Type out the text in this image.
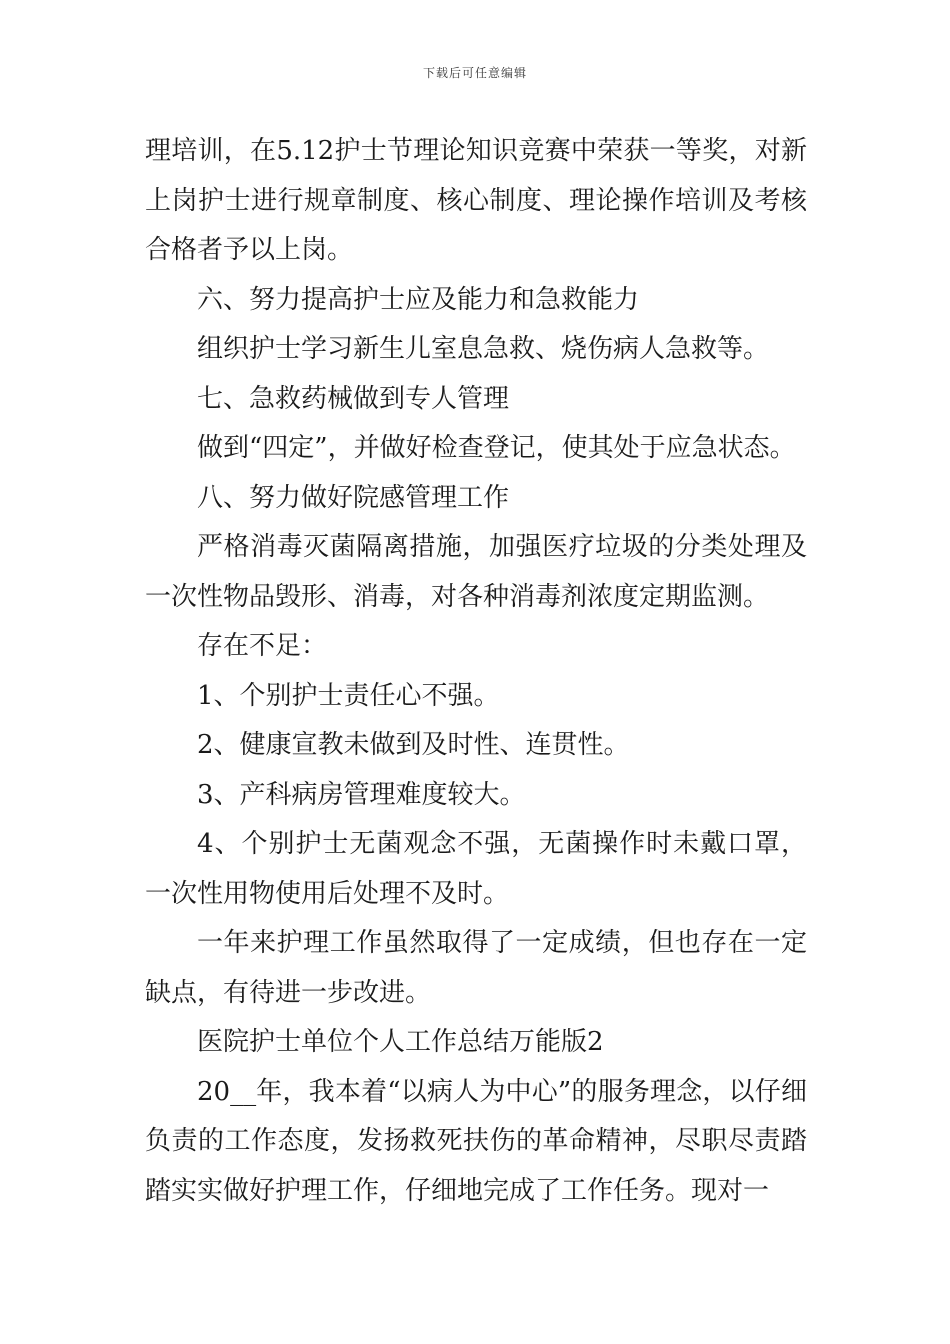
下载后可任意编辑

理培训，在5.12护士节理论知识竞赛中荣获一等奖，对新上岗护士进行规章制度、核心制度、理论操作培训及考核合格者予以上岗。

六、努力提高护士应及能力和急救能力

组织护士学习新生儿室息急救、烧伤病人急救等。

七、急救药械做到专人管理

做到“四定”，并做好检查登记，使其处于应急状态。

八、努力做好院感管理工作

严格消毒灭菌隔离措施，加强医疗垃圾的分类处理及一次性物品毁形、消毒，对各种消毒剂浓度定期监测。

存在不足：

1、个别护士责任心不强。

2、健康宣教未做到及时性、连贯性。

3、产科病房管理难度较大。

4、个别护士无菌观念不强，无菌操作时未戴口罩，一次性用物使用后处理不及时。

一年来护理工作虽然取得了一定成绩，但也存在一定缺点，有待进一步改进。

医院护士单位个人工作总结万能版2

20__年，我本着“以病人为中心”的服务理念，以仔细负责的工作态度，发扬救死扶伤的革命精神，尽职尽责踏踏实实做好护理工作，仔细地完成了工作任务。现对一
